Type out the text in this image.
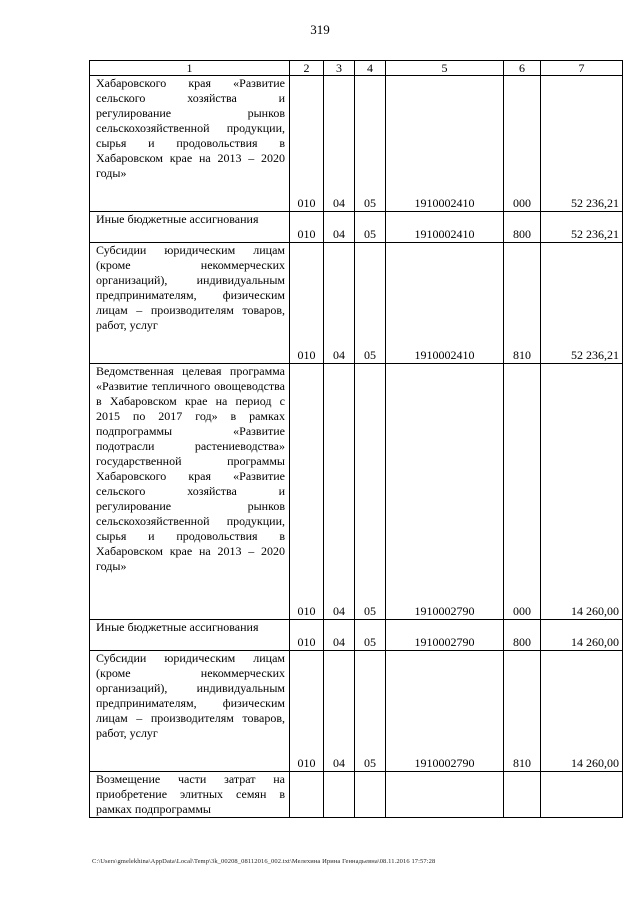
319
1	2	3	4	5	6	7
Хабаровского края «Развитие сельского хозяйства и регулирование рынков сельскохозяйственной продукции, сырья и продовольствия в Хабаровском крае на 2013 – 2020 годы»	010	04	05	1910002410	000	52 236,21
Иные бюджетные ассигнования	010	04	05	1910002410	800	52 236,21
Субсидии юридическим лицам (кроме некоммерческих организаций), индивидуальным предпринимателям, физическим лицам – производителям товаров, работ, услуг	010	04	05	1910002410	810	52 236,21
Ведомственная целевая программа «Развитие тепличного овощеводства в Хабаровском крае на период с 2015 по 2017 год» в рамках подпрограммы «Развитие подотрасли растениеводства» государственной программы Хабаровского края «Развитие сельского хозяйства и регулирование рынков сельскохозяйственной продукции, сырья и продовольствия в Хабаровском крае на 2013 – 2020 годы»	010	04	05	1910002790	000	14 260,00
Иные бюджетные ассигнования	010	04	05	1910002790	800	14 260,00
Субсидии юридическим лицам (кроме некоммерческих организаций), индивидуальным предпринимателям, физическим лицам – производителям товаров, работ, услуг	010	04	05	1910002790	810	14 260,00
Возмещение части затрат на приобретение элитных семян в рамках подпрограммы						
C:\Users\gmelekhina\AppData\Local\Temp\3k_00208_08112016_002.txt\Мелехина Ирина Геннадьевна\08.11.2016 17:57:28
